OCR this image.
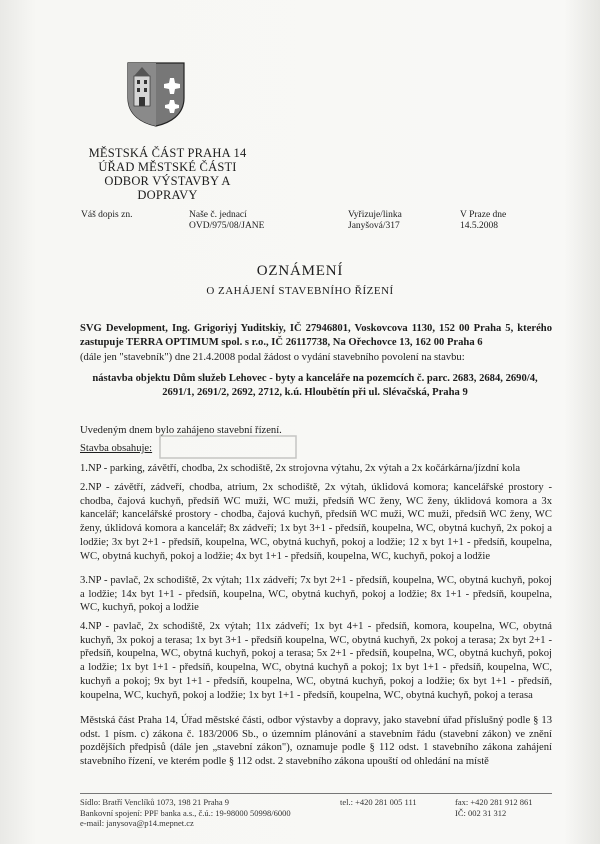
MĚSTSKÁ ČÁST PRAHA 14
ÚŘAD MĚSTSKÉ ČÁSTI
ODBOR VÝSTAVBY A
DOPRAVY
Váš dopis zn.	Naše č. jednací
OVD/975/08/JANE
Vyřizuje/linka
Janyšová/317
V Praze dne
14.5.2008
OZNÁMENÍ
O ZAHÁJENÍ STAVEBNÍHO ŘÍZENÍ
SVG Development, Ing. Grigoriyj Yuditskiy, IČ 27946801, Voskovcova 1130, 152 00 Praha 5, kterého zastupuje TERRA OPTIMUM spol. s r.o., IČ 26117738, Na Ořechovce 13, 162 00 Praha 6
(dále jen "stavebník") dne 21.4.2008 podal žádost o vydání stavebního povolení na stavbu:
nástavba objektu Dům služeb Lehovec - byty a kanceláře na pozemcích č. parc. 2683, 2684, 2690/4, 2691/1, 2691/2, 2692, 2712, k.ú. Hloubětín při ul. Slévačská, Praha 9
Uvedeným dnem bylo zahájeno stavební řízení.
Stavba obsahuje:
1.NP - parking, závětří, chodba, 2x schodiště, 2x strojovna výtahu, 2x výtah a 2x kočárkárna/jízdní kola
2.NP - závětří, zádveří, chodba, atrium, 2x schodiště, 2x výtah, úklidová komora; kancelářské prostory - chodba, čajová kuchyň, předsíň WC muži, WC muži, předsíň WC ženy, WC ženy, úklidová komora a 3x kancelář; kancelářské prostory - chodba, čajová kuchyň, předsíň WC muži, WC muži, předsíň WC ženy, WC ženy, úklidová komora a kancelář; 8x zádveří; 1x byt 3+1 - předsíň, koupelna, WC, obytná kuchyň, 2x pokoj a lodžie; 3x byt 2+1 - předsíň, koupelna, WC, obytná kuchyň, pokoj a lodžie; 12 x byt 1+1 - předsíň, koupelna, WC, obytná kuchyň, pokoj a lodžie; 4x byt 1+1 - předsíň, koupelna, WC, kuchyň, pokoj a lodžie
3.NP - pavlač, 2x schodiště, 2x výtah; 11x zádveří; 7x byt 2+1 - předsíň, koupelna, WC, obytná kuchyň, pokoj a lodžie; 14x byt 1+1 - předsíň, koupelna, WC, obytná kuchyň, pokoj a lodžie; 8x 1+1 - předsíň, koupelna, WC, kuchyň, pokoj a lodžie
4.NP - pavlač, 2x schodiště, 2x výtah; 11x zádveří; 1x byt 4+1 - předsíň, komora, koupelna, WC, obytná kuchyň, 3x pokoj a terasa; 1x byt 3+1 - předsíň koupelna, WC, obytná kuchyň, 2x pokoj a terasa; 2x byt 2+1 - předsíň, koupelna, WC, obytná kuchyň, pokoj a terasa; 5x 2+1 - předsíň, koupelna, WC, obytná kuchyň, pokoj a lodžie; 1x byt 1+1 - předsíň, koupelna, WC, obytná kuchyň a pokoj; 1x byt 1+1 - předsíň, koupelna, WC, kuchyň a pokoj; 9x byt 1+1 - předsíň, koupelna, WC, obytná kuchyň, pokoj a lodžie; 6x byt 1+1 - předsíň, koupelna, WC, kuchyň, pokoj a lodžie; 1x byt 1+1 - předsíň, koupelna, WC, obytná kuchyň, pokoj a terasa
Městská část Praha 14, Úřad městské části, odbor výstavby a dopravy, jako stavební úřad příslušný podle § 13 odst. 1 písm. c) zákona č. 183/2006 Sb., o územním plánování a stavebním řádu (stavební zákon) ve znění pozdějších předpisů (dále jen „stavební zákon"), oznamuje podle § 112 odst. 1 stavebního zákona zahájení stavebního řízení, ve kterém podle § 112 odst. 2 stavebního zákona upouští od ohledání na místě
Sídlo: Bratří Venclíků 1073, 198 21 Praha 9
Bankovní spojení: PPF banka a.s., č.ú.: 19-98000 50998/6000
e-mail: janysova@p14.mepnet.cz
tel.: +420 281 005 111	fax: +420 281 912 861
IČ: 002 31 312
